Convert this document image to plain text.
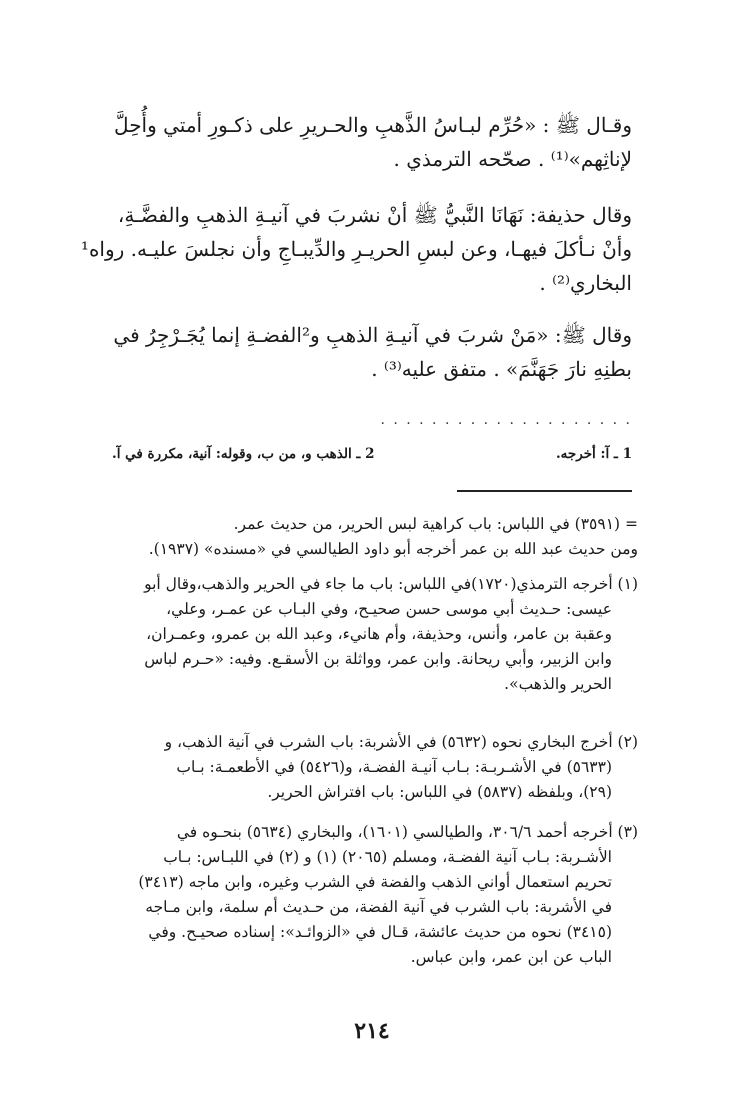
وقـال ﷺ : «حُرِّم لبـاسُ الذَّهبِ والحـريرِ على ذكـورِ أمتي وأُحِلَّ
لإناثِهم»⁽¹⁾ . صحّحه الترمذي .
وقال حذيفة: نَهَانَا النَّبيُّ ﷺ أنْ نشربَ في آنيـةِ الذهبِ والفضَّـةِ،
وأنْ نـأكلَ فيهـا، وعن لبسِ الحريـرِ والدِّيبـاجِ وأن نجلسَ عليـه. رواه¹
البخاري⁽²⁾ .
وقال ﷺ: «مَنْ شربَ في آنيـةِ الذهبِ و²الفضـةِ إنما يُجَـرْجِرُ في
بطنِهِ نارَ جَهَنَّمَ» . متفق عليه⁽³⁾ .
. . . . . . . . . . . . . . . . . . . .
1 ـ آ: أخرجه.
2 ـ الذهب و، من ب، وقوله: آنية، مكررة في آ.
= (٣٥٩١) في اللباس: باب كراهية لبس الحرير، من حديث عمر.
ومن حديث عبد الله بن عمر أخرجه أبو داود الطيالسي في «مسنده» (١٩٣٧).
(١) أخرجه الترمذي(١٧٢٠)في اللباس: باب ما جاء في الحرير والذهب،وقال أبو
عيسى: حـديث أبي موسى حسن صحيـح، وفي البـاب عن عمـر، وعلي،
وعقبة بن عامر، وأنس، وحذيفة، وأم هانيء، وعبد الله بن عمرو، وعمـران،
وابن الزبير، وأبي ريحانة. وابن عمر، وواثلة بن الأسقـع. وفيه: «حـرم لباس
الحرير والذهب».
(٢) أخرج البخاري نحوه (٥٦٣٢) في الأشربة: باب الشرب في آنية الذهب، و
(٥٦٣٣) في الأشـربـة: بـاب آنيـة الفضـة، و(٥٤٢٦) في الأطعمـة: بـاب
(٢٩)، وبلفظه (٥٨٣٧) في اللباس: باب افتراش الحرير.
(٣) أخرجه أحمد ٣٠٦/٦، والطيالسي (١٦٠١)، والبخاري (٥٦٣٤) بنحـوه في
الأشـربة: بـاب آنية الفضـة، ومسلم (٢٠٦٥) (١) و (٢) في اللبـاس: بـاب
تحريم استعمال أواني الذهب والفضة في الشرب وغيره، وابن ماجه (٣٤١٣)
في الأشربة: باب الشرب في آنية الفضة، من حـديث أم سلمة، وابن مـاجه
(٣٤١٥) نحوه من حديث عائشة، قـال في «الزوائـد»: إسناده صحيـح. وفي
الباب عن ابن عمر، وابن عباس.
٢١٤
